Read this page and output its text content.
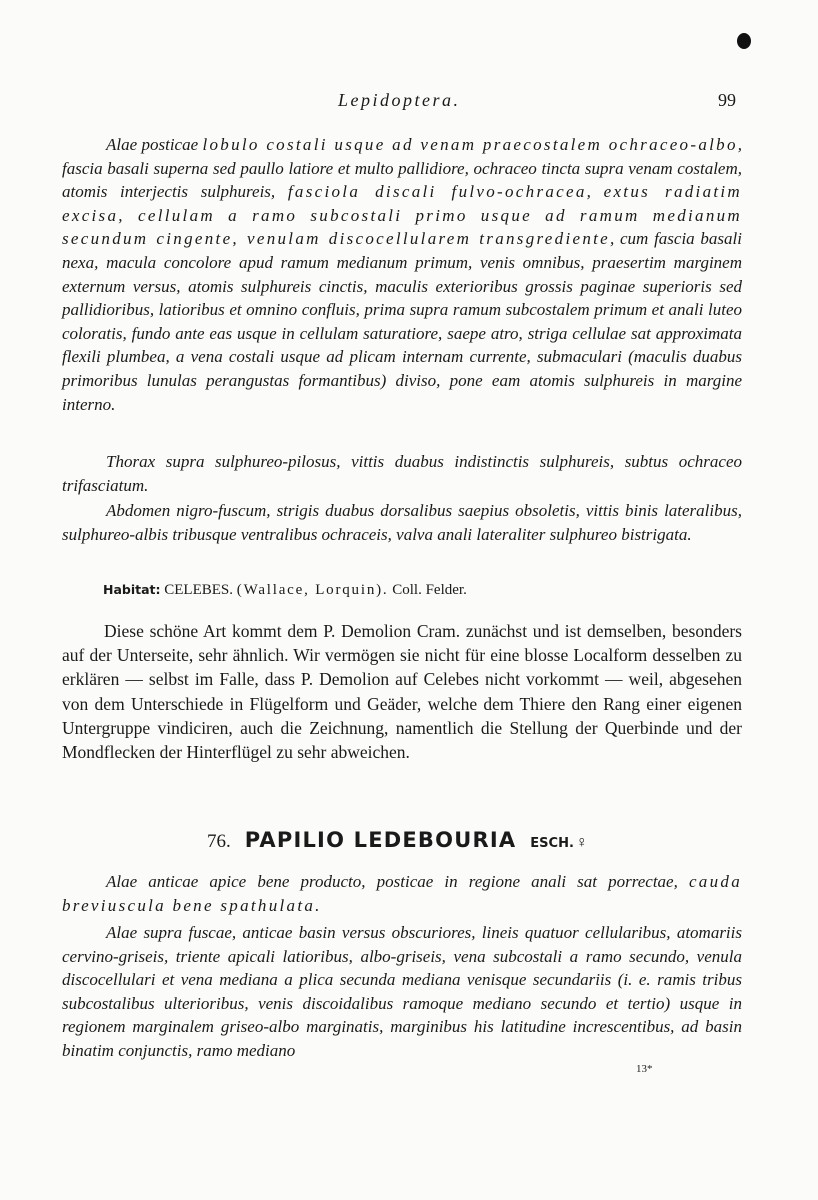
Lepidoptera.	99

Alae posticae lobulo costali usque ad venam praecostalem ochraceo-albo, fascia basali superna sed paullo latiore et multo pallidiore, ochraceo tincta supra venam costalem, atomis interjectis sulphureis, fasciola discali fulvo-ochracea, extus radiatim excisa, cellulam a ramo subcostali primo usque ad ramum medianum secundum cingente, venulam discocellularem transgrediente, cum fascia basali nexa, macula concolore apud ramum medianum primum, venis omnibus, praesertim marginem externum versus, atomis sulphureis cinctis, maculis exterioribus grossis paginae superioris sed pallidioribus, latioribus et omnino confluis, prima supra ramum subcostalem primum et anali luteo coloratis, fundo ante eas usque in cellulam saturatiore, saepe atro, striga cellulae sat approximata flexili plumbea, a vena costali usque ad plicam internam currente, submaculari (maculis duabus primoribus lunulas perangustas formantibus) diviso, pone eam atomis sulphureis in margine interno.

Thorax supra sulphureo-pilosus, vittis duabus indistinctis sulphureis, subtus ochraceo trifasciatum.

Abdomen nigro-fuscum, strigis duabus dorsalibus saepius obsoletis, vittis binis lateralibus, sulphureo-albis tribusque ventralibus ochraceis, valva anali lateraliter sulphureo bistrigata.

Habitat: CELEBES. (Wallace, Lorquin). Coll. Felder.

Diese schöne Art kommt dem P. Demolion Cram. zunächst und ist demselben, besonders auf der Unterseite, sehr ähnlich. Wir vermögen sie nicht für eine blosse Localform desselben zu erklären — selbst im Falle, dass P. Demolion auf Celebes nicht vorkommt — weil, abgesehen von dem Unterschiede in Flügelform und Geäder, welche dem Thiere den Rang einer eigenen Untergruppe vindiciren, auch die Zeichnung, namentlich die Stellung der Querbinde und der Mondflecken der Hinterflügel zu sehr abweichen.

76. PAPILIO LEDEBOURIA ESCH. ♀

Alae anticae apice bene producto, posticae in regione anali sat porrectae, cauda breviuscula bene spathulata.

Alae supra fuscae, anticae basin versus obscuriores, lineis quatuor cellularibus, atomariis cervino-griseis, triente apicali latioribus, albo-griseis, vena subcostali a ramo secundo, venula discocellulari et vena mediana a plica secunda mediana venisque secundariis (i. e. ramis tribus subcostalibus ulterioribus, venis discoidalibus ramoque mediano secundo et tertio) usque in regionem marginalem griseo-albo marginatis, marginibus his latitudine increscentibus, ad basin binatim conjunctis, ramo mediano

13*
